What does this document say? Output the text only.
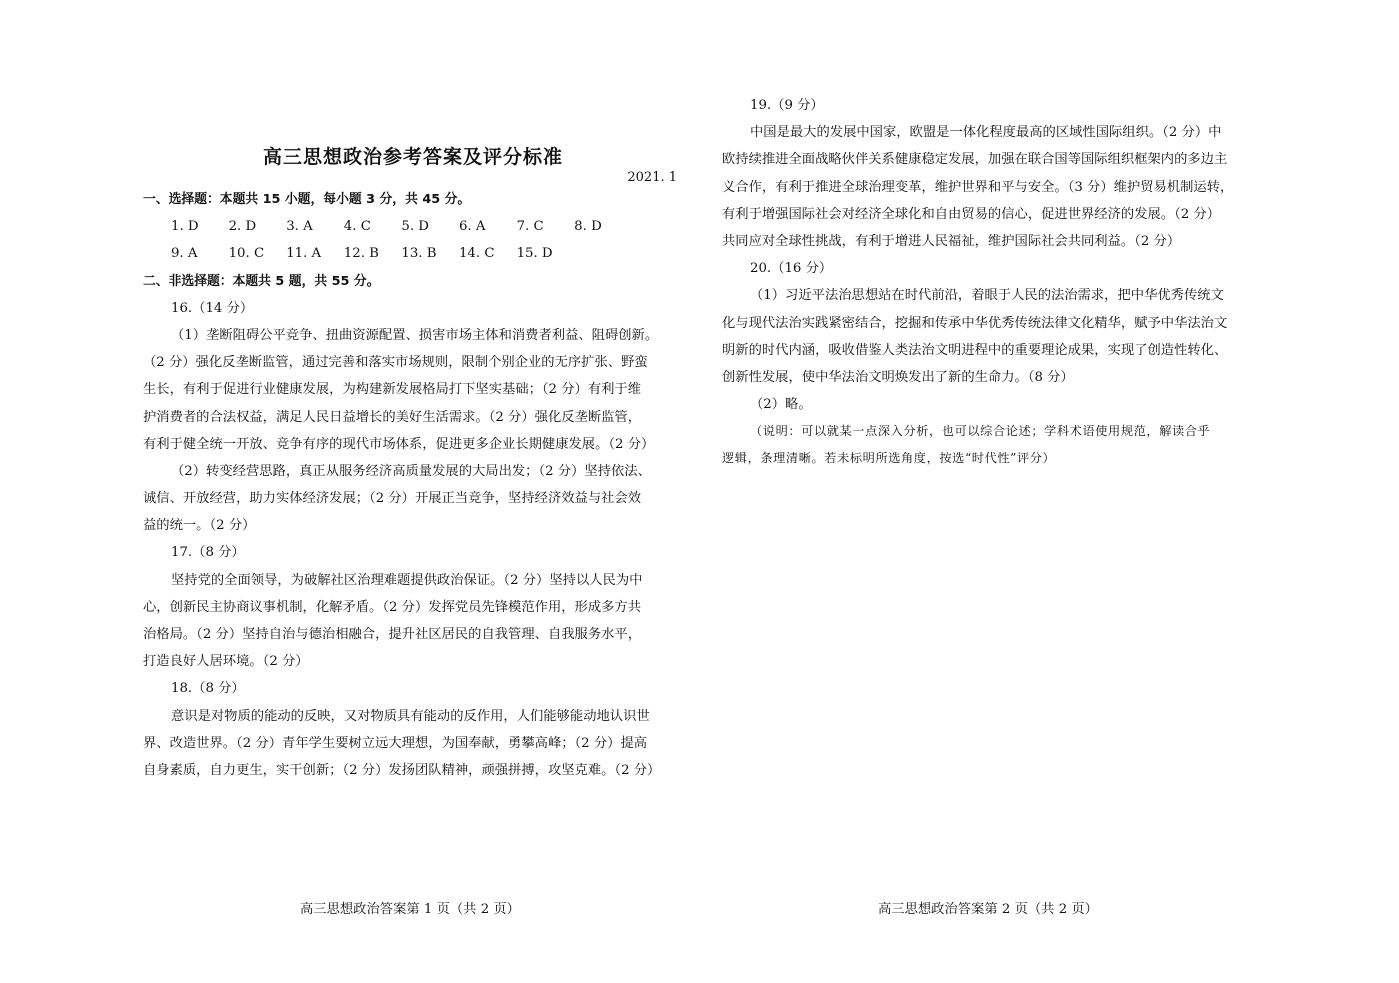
高三思想政治参考答案及评分标准
2021. 1
一、选择题：本题共 15 小题，每小题 3 分，共 45 分。
1. D	2. D	3. A	4. C	5. D	6. A	7. C	8. D
9. A	10. C	11. A	12. B	13. B	14. C	15. D
二、非选择题：本题共 5 题，共 55 分。
16.（14 分）
（1）垄断阻碍公平竞争、扭曲资源配置、损害市场主体和消费者利益、阻碍创新。
（2 分）强化反垄断监管，通过完善和落实市场规则，限制个别企业的无序扩张、野蛮
生长，有利于促进行业健康发展，为构建新发展格局打下坚实基础；（2 分）有利于维
护消费者的合法权益，满足人民日益增长的美好生活需求。（2 分）强化反垄断监管，
有利于健全统一开放、竞争有序的现代市场体系，促进更多企业长期健康发展。（2 分）
（2）转变经营思路，真正从服务经济高质量发展的大局出发；（2 分）坚持依法、
诚信、开放经营，助力实体经济发展；（2 分）开展正当竞争，坚持经济效益与社会效
益的统一。（2 分）
17.（8 分）
坚持党的全面领导，为破解社区治理难题提供政治保证。（2 分）坚持以人民为中
心，创新民主协商议事机制，化解矛盾。（2 分）发挥党员先锋模范作用，形成多方共
治格局。（2 分）坚持自治与德治相融合，提升社区居民的自我管理、自我服务水平，
打造良好人居环境。（2 分）
18.（8 分）
意识是对物质的能动的反映，又对物质具有能动的反作用，人们能够能动地认识世
界、改造世界。（2 分）青年学生要树立远大理想，为国奉献，勇攀高峰；（2 分）提高
自身素质，自力更生，实干创新；（2 分）发扬团队精神，顽强拼搏，攻坚克难。（2 分）
高三思想政治答案第 1 页（共 2 页）
19.（9 分）
中国是最大的发展中国家，欧盟是一体化程度最高的区域性国际组织。（2 分）中
欧持续推进全面战略伙伴关系健康稳定发展，加强在联合国等国际组织框架内的多边主
义合作，有利于推进全球治理变革，维护世界和平与安全。（3 分）维护贸易机制运转，
有利于增强国际社会对经济全球化和自由贸易的信心，促进世界经济的发展。（2 分）
共同应对全球性挑战，有利于增进人民福祉，维护国际社会共同利益。（2 分）
20.（16 分）
（1）习近平法治思想站在时代前沿，着眼于人民的法治需求，把中华优秀传统文
化与现代法治实践紧密结合，挖掘和传承中华优秀传统法律文化精华，赋予中华法治文
明新的时代内涵，吸收借鉴人类法治文明进程中的重要理论成果，实现了创造性转化、
创新性发展，使中华法治文明焕发出了新的生命力。（8 分）
（2）略。
（说明：可以就某一点深入分析，也可以综合论述；学科术语使用规范，解读合乎
逻辑，条理清晰。若未标明所选角度，按选“时代性”评分）
高三思想政治答案第 2 页（共 2 页）
